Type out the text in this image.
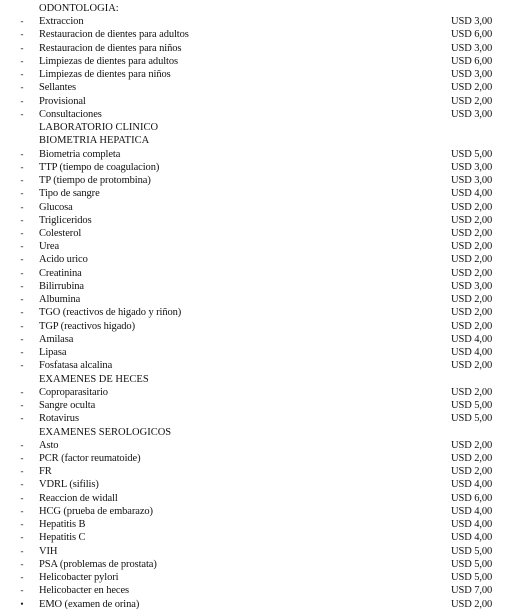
ODONTOLOGIA:
- Extraccion	USD 3,00
- Restauracion de dientes para adultos	USD 6,00
- Restauracion de dientes para niños	USD 3,00
- Limpiezas de dientes para adultos	USD 6,00
- Limpiezas de dientes para niños	USD 3,00
- Sellantes	USD 2,00
- Provisional	USD 2,00
- Consultaciones	USD 3,00
LABORATORIO CLINICO
BIOMETRIA HEPATICA
- Biometria completa	USD 5,00
- TTP (tiempo de coagulacion)	USD 3,00
- TP (tiempo de protombina)	USD 3,00
- Tipo de sangre	USD 4,00
- Glucosa	USD 2,00
- Trigliceridos	USD 2,00
- Colesterol	USD 2,00
- Urea	USD 2,00
- Acido urico	USD 2,00
- Creatinina	USD 2,00
- Bilirrubina	USD 3,00
- Albumina	USD 2,00
- TGO (reactivos de higado y riñon)	USD 2,00
- TGP (reactivos higado)	USD 2,00
- Amilasa	USD 4,00
- Lipasa	USD 4,00
- Fosfatasa alcalina	USD 2,00
EXAMENES DE HECES
- Coproparasitario	USD 2,00
- Sangre oculta	USD 5,00
- Rotavirus	USD 5,00
EXAMENES SEROLOGICOS
- Asto	USD 2,00
- PCR (factor reumatoide)	USD 2,00
- FR	USD 2,00
- VDRL (sifilis)	USD 4,00
- Reaccion de widall	USD 6,00
- HCG (prueba de embarazo)	USD 4,00
- Hepatitis B	USD 4,00
- Hepatitis C	USD 4,00
- VIH	USD 5,00
- PSA (problemas de prostata)	USD 5,00
- Helicobacter pylori	USD 5,00
- Helicobacter en heces	USD 7,00
• EMO (examen de orina)	USD 2,00
